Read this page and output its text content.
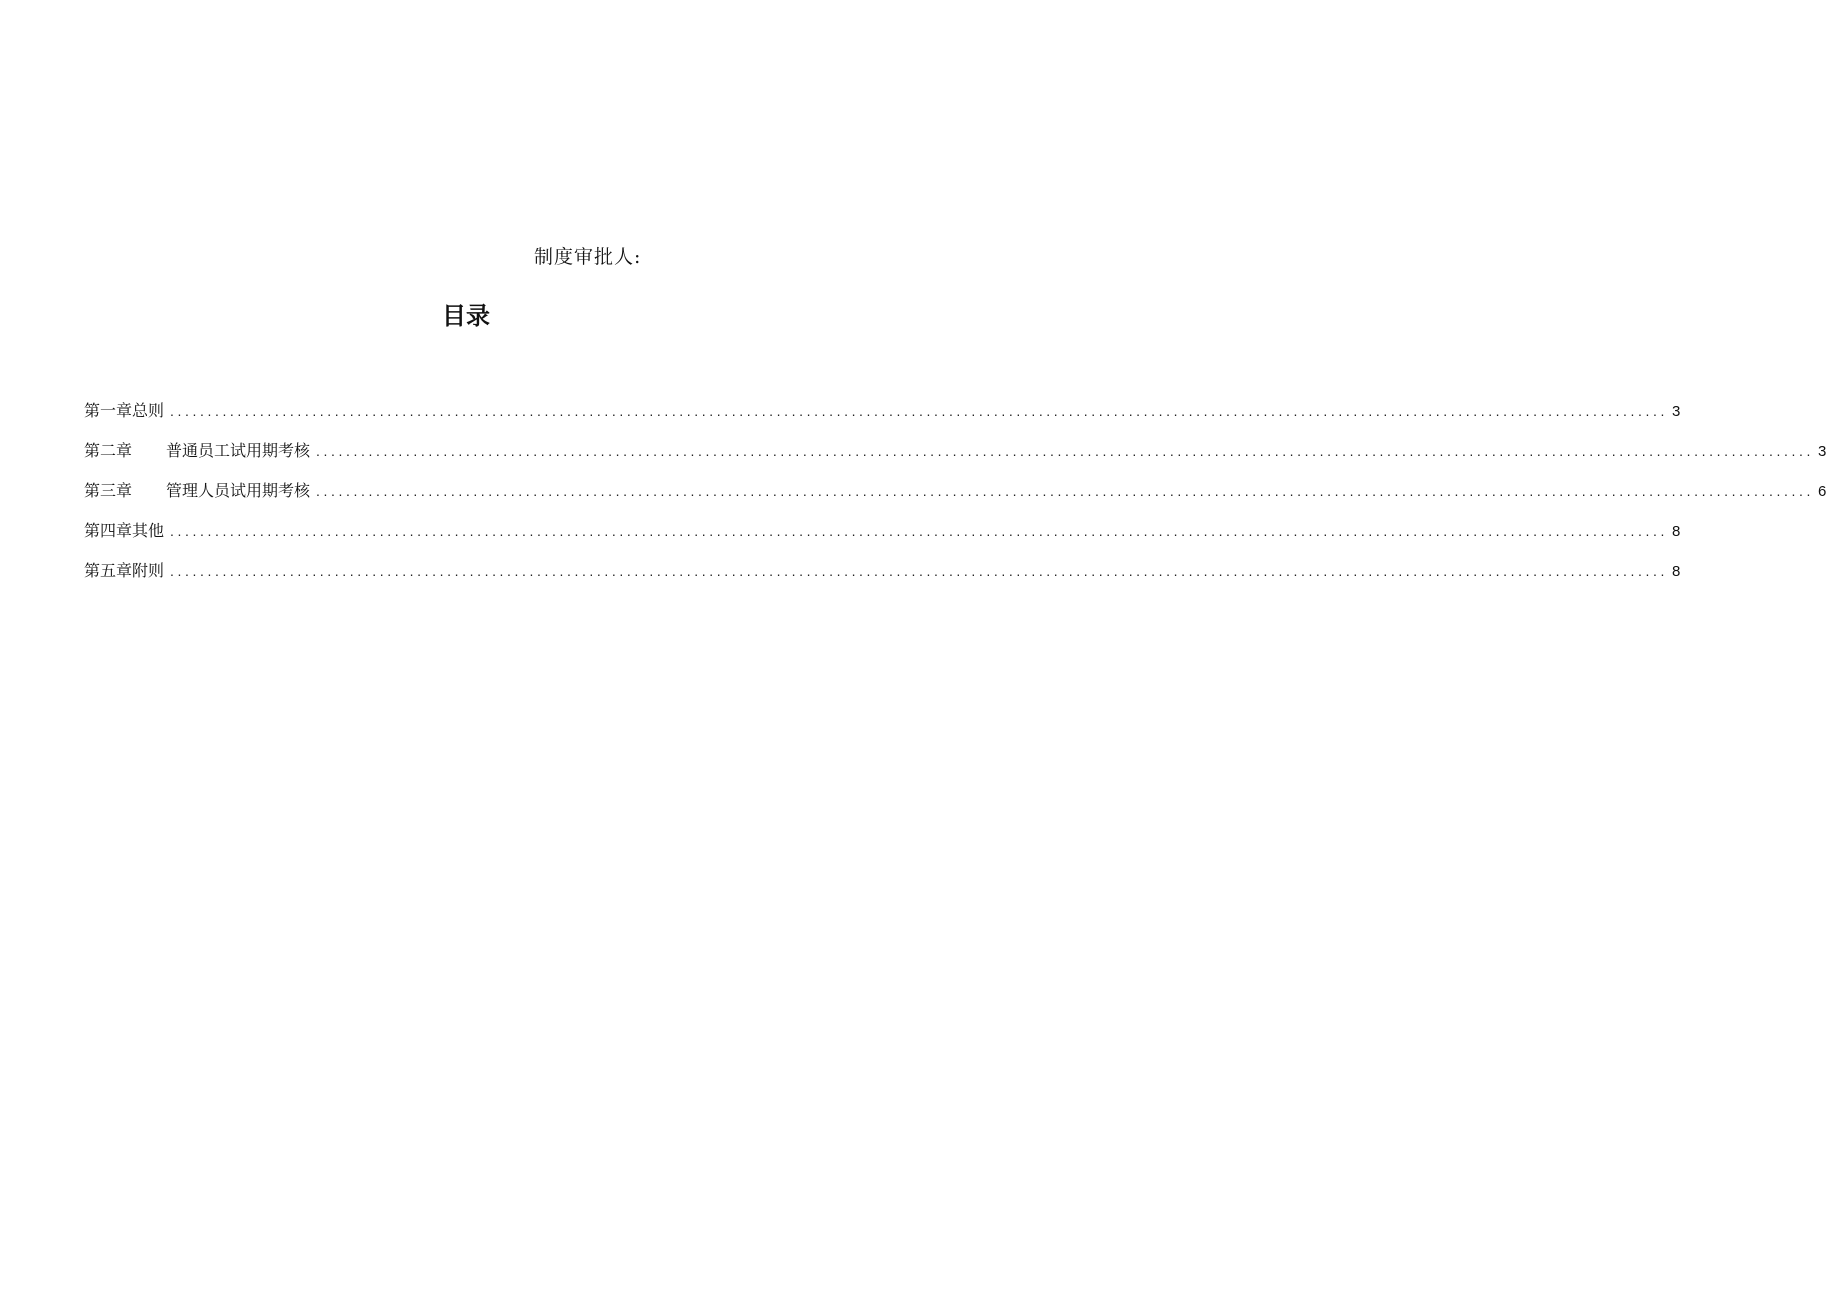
制度审批人:
目录
第一章总则 ........................................................................................................................................................................................................ 3
第二章 普通员工试用期考核 ........................................................................................................................................................................................................ 3
第三章 管理人员试用期考核 ........................................................................................................................................................................................................ 6
第四章其他 ........................................................................................................................................................................................................ 8
第五章附则 ........................................................................................................................................................................................................ 8
